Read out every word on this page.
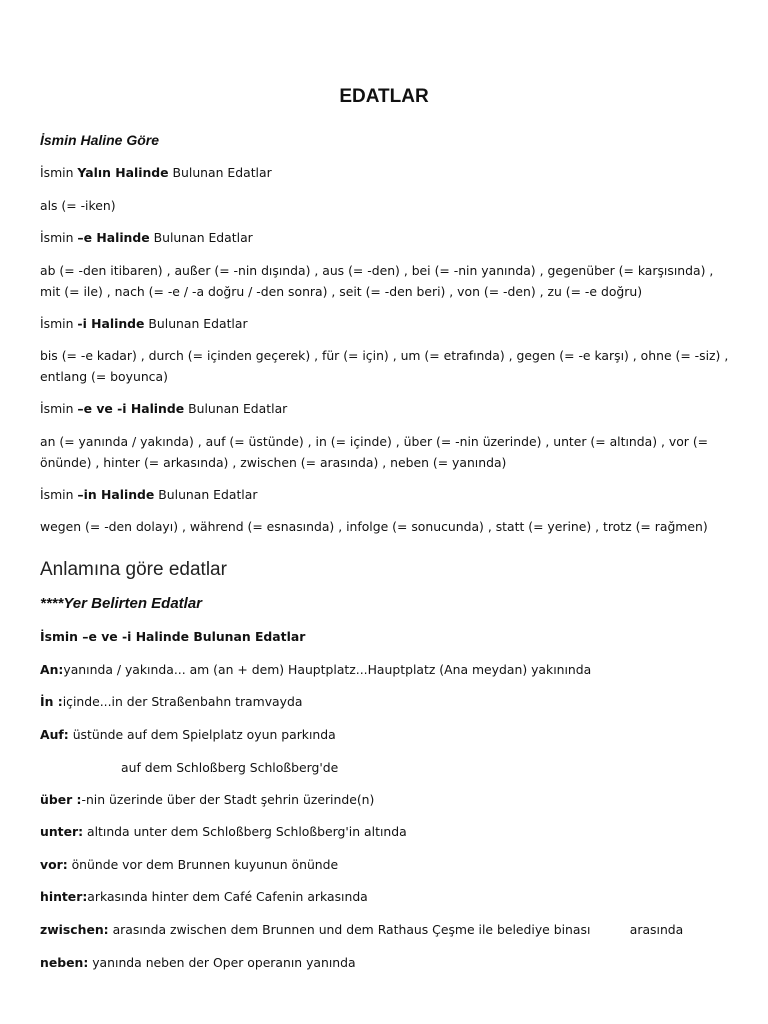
EDATLAR
İsmin Haline Göre
İsmin Yalın Halinde Bulunan Edatlar
als (= -iken)
İsmin –e Halinde Bulunan Edatlar
ab (= -den itibaren) , außer (= -nin dışında) , aus (= -den) , bei (= -nin yanında) , gegenüber (= karşısında) , mit (= ile) , nach (= -e / -a doğru / -den sonra) , seit (= -den beri) , von (= -den) , zu (= -e doğru)
İsmin -i Halinde Bulunan Edatlar
bis (= -e kadar) , durch (= içinden geçerek) , für (= için) , um (= etrafında) , gegen (= -e karşı) , ohne (= -siz) , entlang (= boyunca)
İsmin –e ve -i Halinde Bulunan Edatlar
an (= yanında / yakında) , auf (= üstünde) , in (= içinde) , über (= -nin üzerinde) , unter (= altında) , vor (= önünde) , hinter (= arkasında) , zwischen (= arasında) , neben (= yanında)
İsmin –in Halinde Bulunan Edatlar
wegen (= -den dolayı) , während (= esnasında) , infolge (= sonucunda) , statt (= yerine) , trotz (= rağmen)
Anlamına göre edatlar
****Yer Belirten Edatlar
İsmin –e ve -i Halinde Bulunan Edatlar
An:yanında / yakında... am (an + dem) Hauptplatz...Hauptplatz (Ana meydan) yakınında
İn :içinde...in der Straßenbahn tramvayda
Auf: üstünde auf dem Spielplatz oyun parkında
auf dem Schloßberg Schloßberg'de
über :-nin üzerinde über der Stadt şehrin üzerinde(n)
unter: altında unter dem Schloßberg Schloßberg'in altında
vor: önünde vor dem Brunnen kuyunun önünde
hinter:arkasında hinter dem Café Cafenin arkasında
zwischen: arasında zwischen dem Brunnen und dem Rathaus Çeşme ile belediye binası          arasında
neben: yanında neben der Oper operanın yanında
